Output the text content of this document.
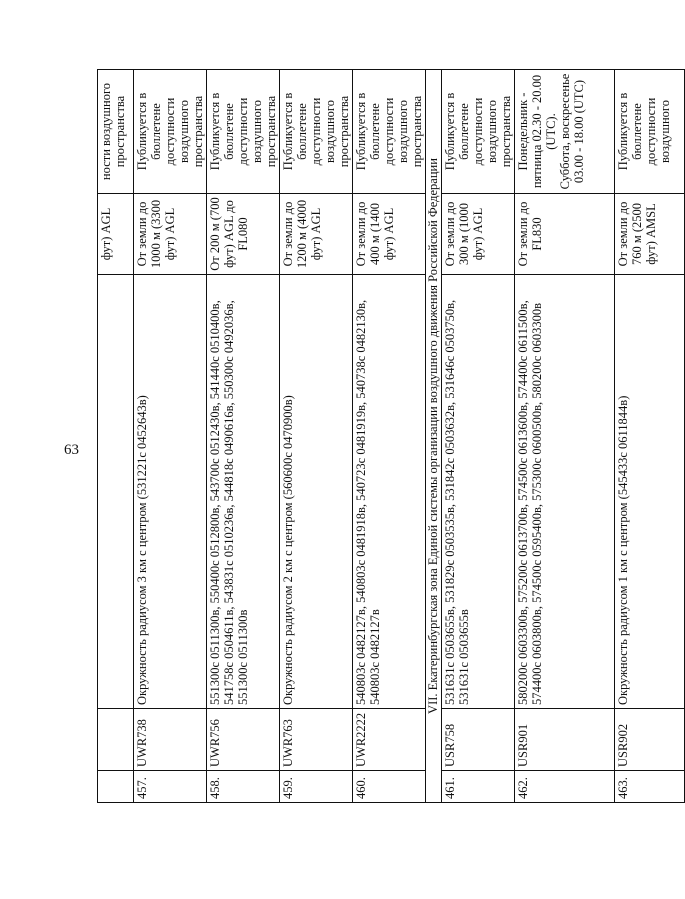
63
			фут) AGL	ности воздушного пространства
457.	UWR738	Окружность радиусом 3 км с центром (531221с 0452643в)	От земли до 1000 м (3300 фут) AGL	Публикуется в бюллетене доступности воздушного пространства
458.	UWR756	551300с 0511300в, 550400с 0512800в, 543700с 0512430в, 541440с 0510400в, 541758с 0504611в, 543831с 0510236в, 544818с 0490616в, 550300с 0492036в, 551300с 0511300в	От 200 м (700 фут) AGL до FL080	Публикуется в бюллетене доступности воздушного пространства
459.	UWR763	Окружность радиусом 2 км с центром (560600с 0470900в)	От земли до 1200 м (4000 фут) AGL	Публикуется в бюллетене доступности воздушного пространства
460.	UWR2222	540803с 0482127в, 540803с 0481918в, 540723с 0481919в, 540738с 0482130в, 540803с 0482127в	От земли до 400 м (1400 фут) AGL	Публикуется в бюллетене доступности воздушного пространства
VII. Екатеринбургская зона Единой системы организации воздушного движения Российской Федерации				
461.	USR758	531631с 0503655в, 531829с 0503535в, 531842с 0503632в, 531646с 0503750в, 531631с 0503655в	От земли до 300 м (1000 фут) AGL	Публикуется в бюллетене доступности воздушного пространства
462.	USR901	580200с 0603300в, 575200с 0613700в, 574500с 0613600в, 574400с 0611500в, 574400с 0603800в, 574500с 0595400в, 575300с 0600500в, 580200с 0603300в	От земли до FL830	Понедельник - пятница 02.30 - 20.00 (UTC). Суббота, воскресенье 03.00 - 18.00 (UTC)

463.	USR902	Окружность радиусом 1 км с центром (545433с 0611844в)	От земли до 760 м (2500 фут) AMSL	Публикуется в бюллетене доступности воздушного
